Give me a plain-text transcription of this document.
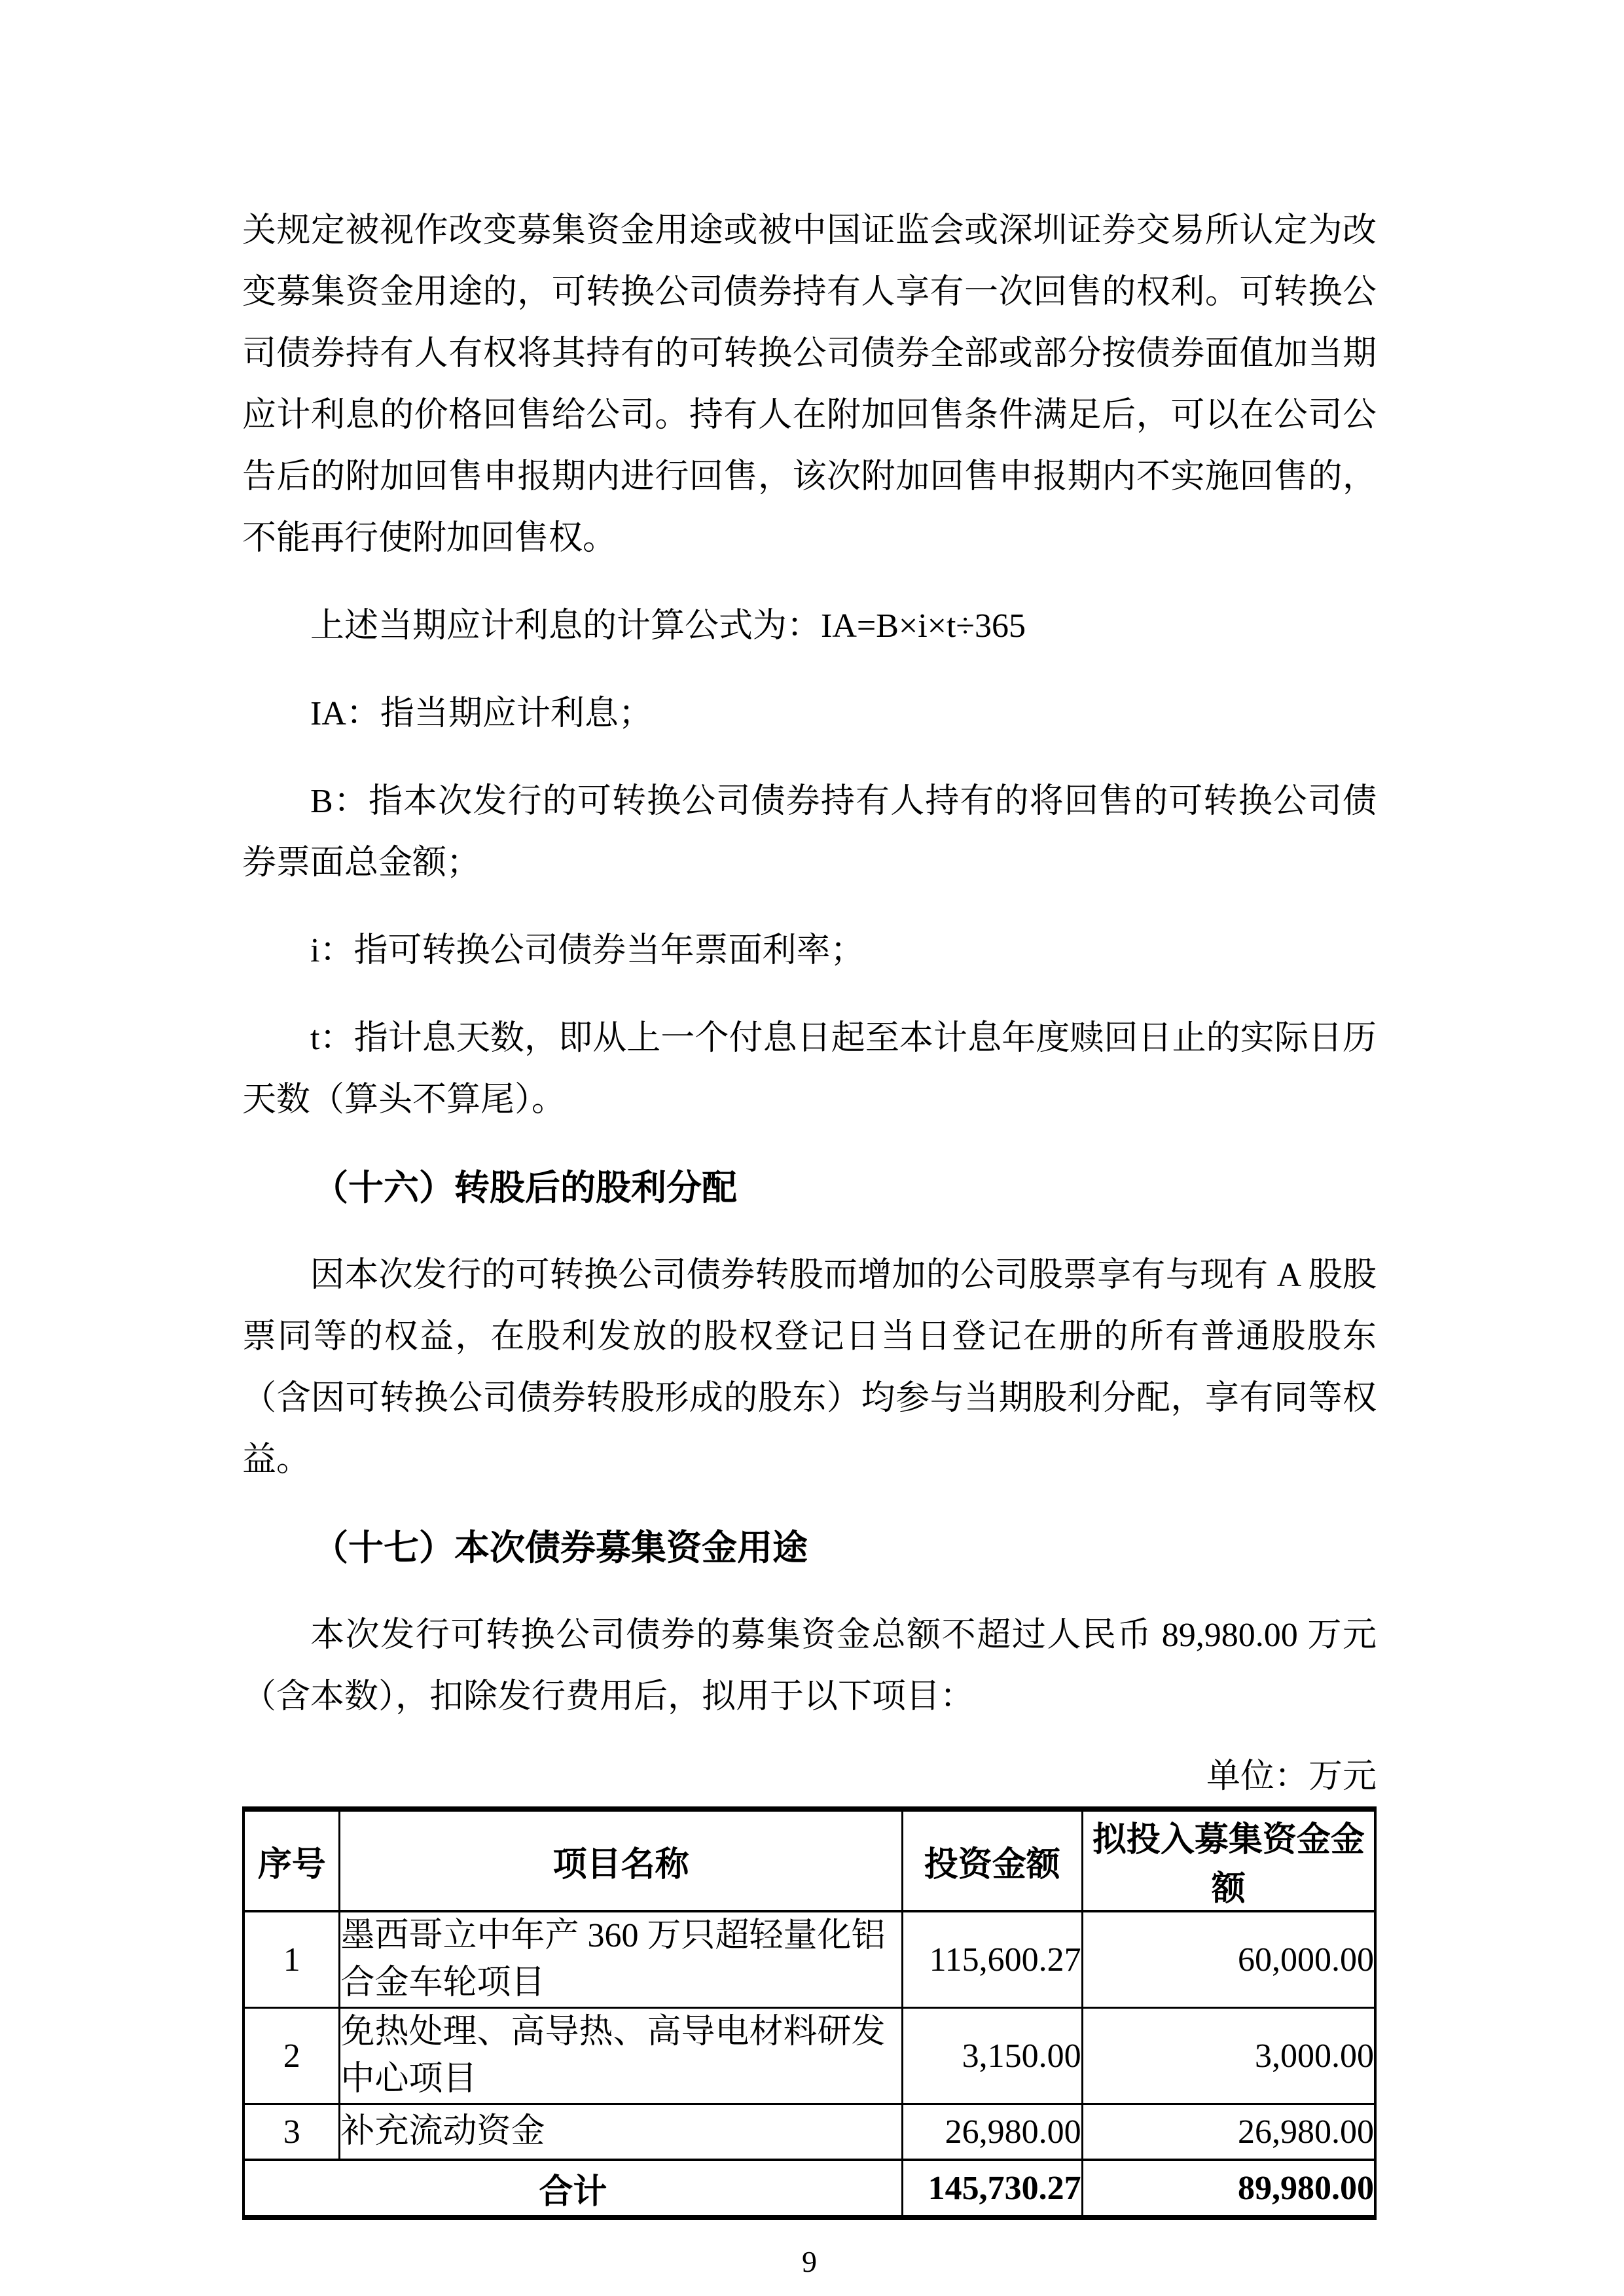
关规定被视作改变募集资金用途或被中国证监会或深圳证券交易所认定为改变募集资金用途的，可转换公司债券持有人享有一次回售的权利。可转换公司债券持有人有权将其持有的可转换公司债券全部或部分按债券面值加当期应计利息的价格回售给公司。持有人在附加回售条件满足后，可以在公司公告后的附加回售申报期内进行回售，该次附加回售申报期内不实施回售的，不能再行使附加回售权。

上述当期应计利息的计算公式为：IA=B×i×t÷365

IA：指当期应计利息；

B：指本次发行的可转换公司债券持有人持有的将回售的可转换公司债券票面总金额；

i：指可转换公司债券当年票面利率；

t：指计息天数，即从上一个付息日起至本计息年度赎回日止的实际日历天数（算头不算尾）。

（十六）转股后的股利分配

因本次发行的可转换公司债券转股而增加的公司股票享有与现有 A 股股票同等的权益，在股利发放的股权登记日当日登记在册的所有普通股股东（含因可转换公司债券转股形成的股东）均参与当期股利分配，享有同等权益。

（十七）本次债券募集资金用途

本次发行可转换公司债券的募集资金总额不超过人民币 89,980.00 万元（含本数），扣除发行费用后，拟用于以下项目：

单位：万元
序号	项目名称	投资金额	拟投入募集资金金额
1	墨西哥立中年产 360 万只超轻量化铝合金车轮项目	115,600.27	60,000.00
2	免热处理、高导热、高导电材料研发中心项目	3,150.00	3,000.00
3	补充流动资金	26,980.00	26,980.00
合计		145,730.27	89,980.00
9
